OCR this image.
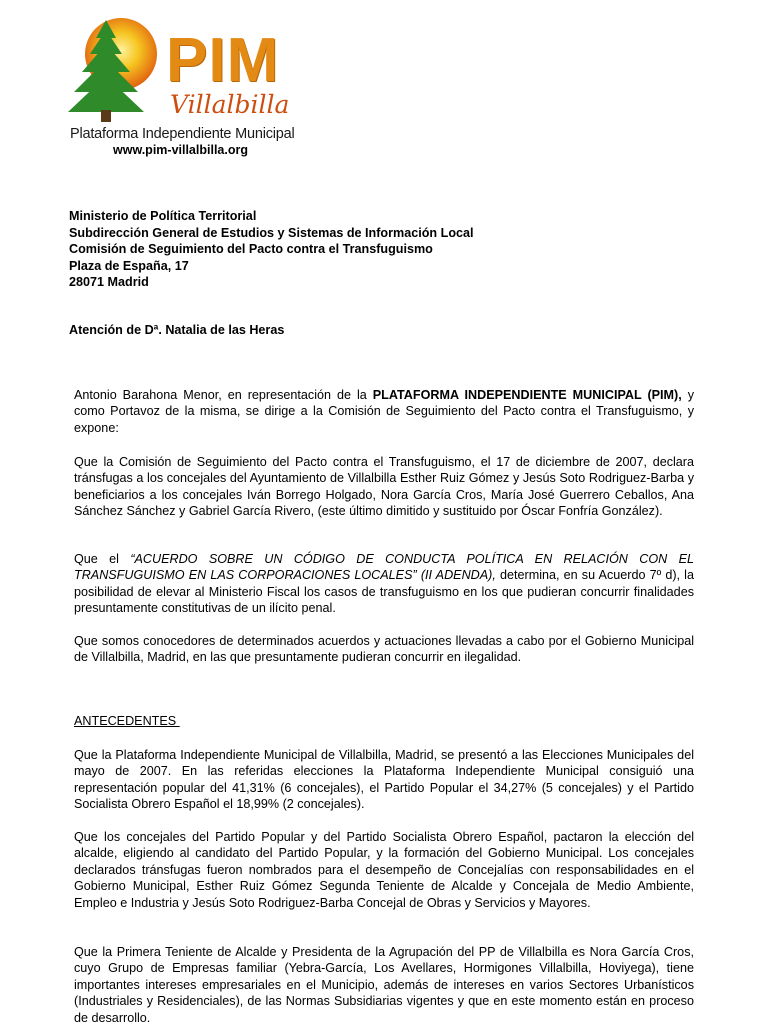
PIM
Villalbilla
Plataforma Independiente Municipal
www.pim-villalbilla.org
Ministerio de Política Territorial
Subdirección General de Estudios y Sistemas de Información Local
Comisión de Seguimiento del Pacto contra el Transfuguismo
Plaza de España, 17
28071 Madrid
Atención de Dª. Natalia de las Heras
Antonio Barahona Menor, en representación de la PLATAFORMA INDEPENDIENTE MUNICIPAL (PIM), y como Portavoz de la misma, se dirige a la Comisión de Seguimiento del Pacto contra el Transfuguismo, y expone:
Que la Comisión de Seguimiento del Pacto contra el Transfuguismo, el 17 de diciembre de 2007, declara tránsfugas a los concejales del Ayuntamiento de Villalbilla Esther Ruiz Gómez y Jesús Soto Rodriguez-Barba y beneficiarios a los concejales Iván Borrego Holgado, Nora García Cros, María José Guerrero Ceballos, Ana Sánchez Sánchez y Gabriel García Rivero, (este último dimitido y sustituido por Óscar Fonfría González).
Que el “ACUERDO SOBRE UN CÓDIGO DE CONDUCTA POLÍTICA EN RELACIÓN CON EL TRANSFUGUISMO EN LAS CORPORACIONES LOCALES” (II ADENDA), determina, en su Acuerdo 7º d), la posibilidad de elevar al Ministerio Fiscal los casos de transfuguismo en los que pudieran concurrir finalidades presuntamente constitutivas de un ilícito penal.
Que somos conocedores de determinados acuerdos y actuaciones llevadas a cabo por el Gobierno Municipal de Villalbilla, Madrid, en las que presuntamente pudieran concurrir en ilegalidad.
ANTECEDENTES
Que la Plataforma Independiente Municipal de Villalbilla, Madrid, se presentó a las Elecciones Municipales del mayo de 2007. En las referidas elecciones la Plataforma Independiente Municipal consiguió una representación popular del 41,31% (6 concejales), el Partido Popular el 34,27% (5 concejales) y el Partido Socialista Obrero Español el 18,99% (2 concejales).
Que los concejales del Partido Popular y del Partido Socialista Obrero Español, pactaron la elección del alcalde, eligiendo al candidato del Partido Popular, y la formación del Gobierno Municipal. Los concejales declarados tránsfugas fueron nombrados para el desempeño de Concejalías con responsabilidades en el Gobierno Municipal, Esther Ruiz Gómez Segunda Teniente de Alcalde y Concejala de Medio Ambiente, Empleo e Industria y Jesús Soto Rodriguez-Barba Concejal de Obras y Servicios y Mayores.
Que la Primera Teniente de Alcalde y Presidenta de la Agrupación del PP de Villalbilla es Nora García Cros, cuyo Grupo de Empresas familiar (Yebra-García, Los Avellares, Hormigones Villalbilla, Hoviyega), tiene importantes intereses empresariales en el Municipio, además de intereses en varios Sectores Urbanísticos (Industriales y Residenciales), de las Normas Subsidiarias vigentes y que en este momento están en proceso de desarrollo.
